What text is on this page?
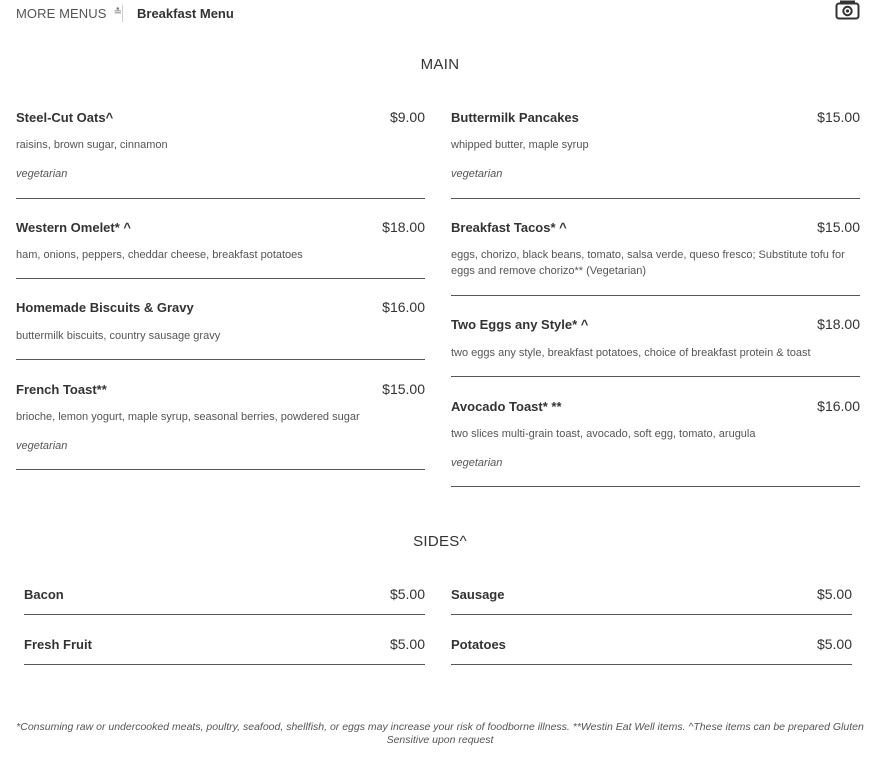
MORE MENUS ≛ Breakfast Menu
MAIN
Steel-Cut Oats^	$9.00
raisins, brown sugar, cinnamon
vegetarian
Western Omelet* ^	$18.00
ham, onions, peppers, cheddar cheese, breakfast potatoes
Homemade Biscuits & Gravy	$16.00
buttermilk biscuits, country sausage gravy
French Toast**	$15.00
brioche, lemon yogurt, maple syrup, seasonal berries, powdered sugar
vegetarian
Buttermilk Pancakes	$15.00
whipped butter, maple syrup
vegetarian
Breakfast Tacos* ^	$15.00
eggs, chorizo, black beans, tomato, salsa verde, queso fresco; Substitute tofu for eggs and remove chorizo** (Vegetarian)
Two Eggs any Style* ^	$18.00
two eggs any style, breakfast potatoes, choice of breakfast protein & toast
Avocado Toast* **	$16.00
two slices multi-grain toast, avocado, soft egg, tomato, arugula
vegetarian
SIDES^
Bacon	$5.00 Sausage	$5.00
Fresh Fruit	$5.00 Potatoes	$5.00
*Consuming raw or undercooked meats, poultry, seafood, shellfish, or eggs may increase your risk of foodborne illness. **Westin Eat Well items. ^These items can be prepared Gluten Sensitive upon request
